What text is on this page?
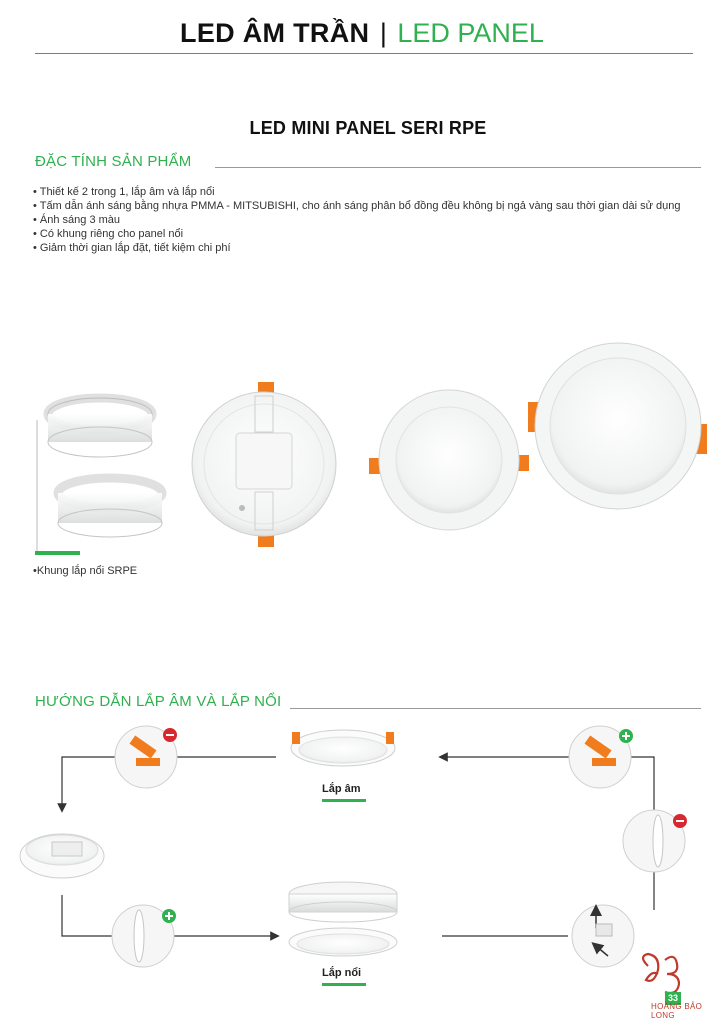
LED ÂM TRẦN | LED PANEL
LED MINI PANEL SERI RPE
ĐẶC TÍNH SẢN PHẨM
• Thiết kế 2 trong 1, lắp âm và lắp nổi
• Tấm dẫn ánh sáng bằng nhựa PMMA - MITSUBISHI, cho ánh sáng phân bổ đồng đều không bị ngả vàng sau thời gian dài sử dụng
• Ánh sáng 3 màu
• Có khung riêng cho panel nổi
• Giảm thời gian lắp đặt, tiết kiệm chi phí
• Khung lắp nổi SRPE
HƯỚNG DẪN LẮP ÂM VÀ LẮP NỔI
Lắp âm
Lắp nổi
33
HOÀNG BẢO LONG
